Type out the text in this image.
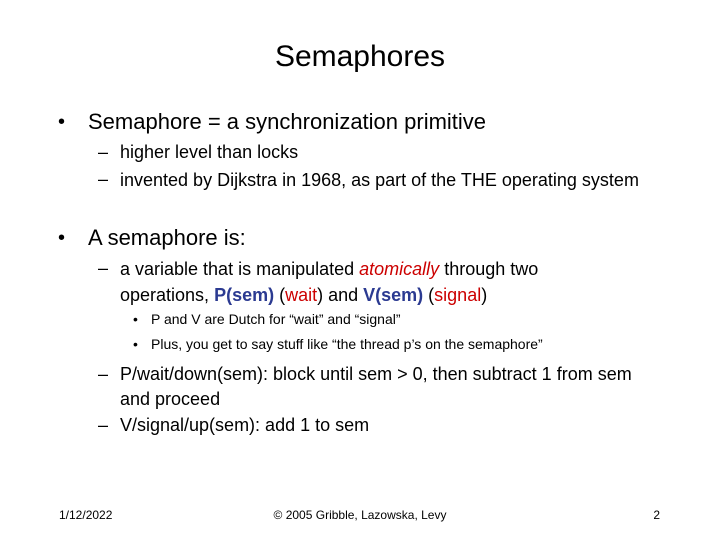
Semaphores
• Semaphore = a synchronization primitive
– higher level than locks
– invented by Dijkstra in 1968, as part of the THE operating system
• A semaphore is:
– a variable that is manipulated atomically through two operations, P(sem) (wait) and V(sem) (signal)
• P and V are Dutch for “wait” and “signal”
• Plus, you get to say stuff like “the thread p’s on the semaphore”
– P/wait/down(sem): block until sem > 0, then subtract 1 from sem and proceed
– V/signal/up(sem): add 1 to sem
1/12/2022	© 2005 Gribble, Lazowska, Levy	2
